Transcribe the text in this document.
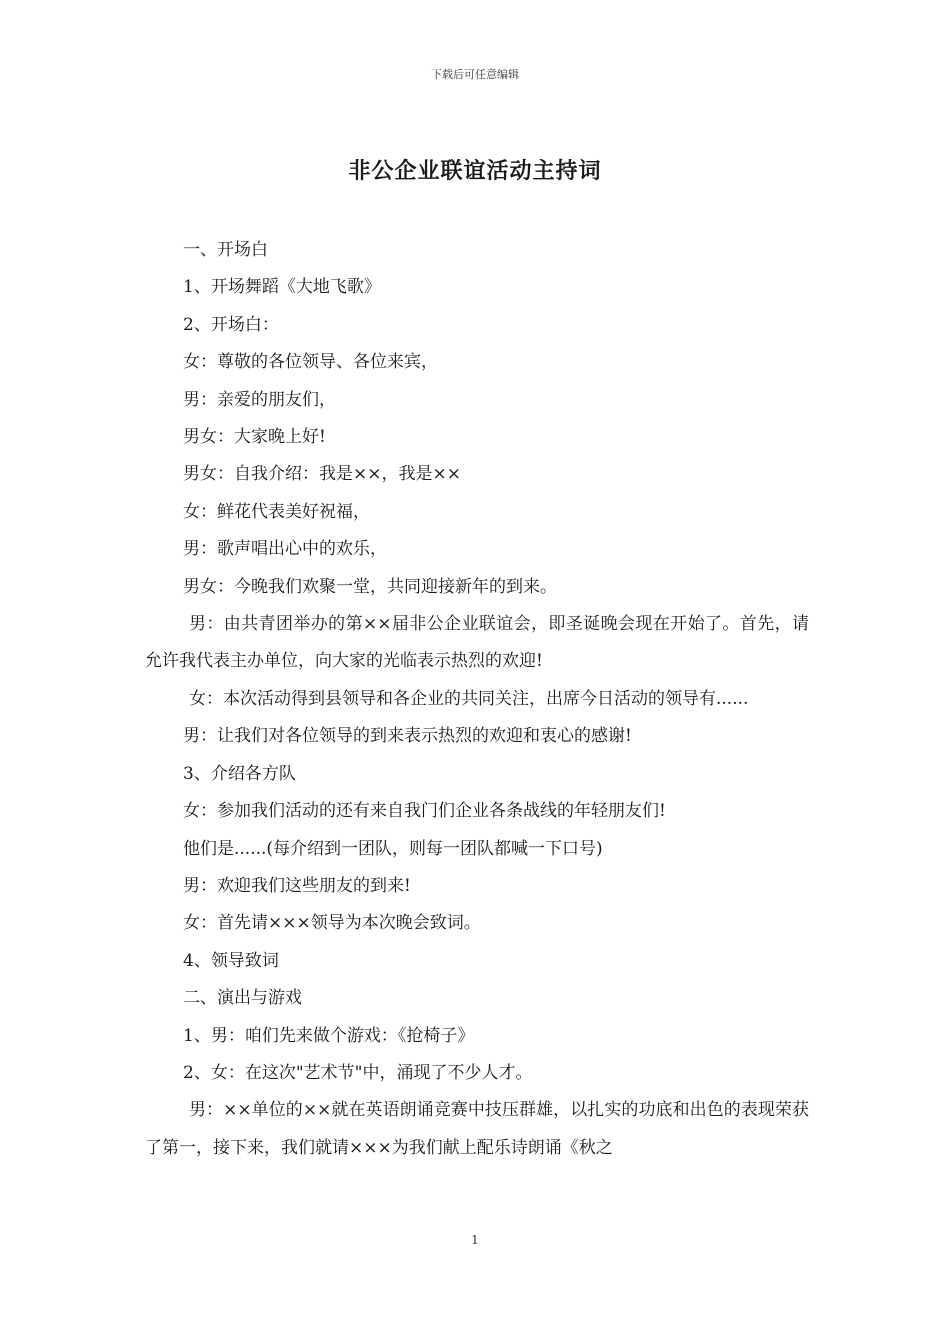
下载后可任意编辑
非公企业联谊活动主持词

一、开场白

1、开场舞蹈《大地飞歌》

2、开场白：

女：尊敬的各位领导、各位来宾，

男：亲爱的朋友们，

男女：大家晚上好!

男女：自我介绍：我是××，我是××

女：鲜花代表美好祝福，

男：歌声唱出心中的欢乐，

男女：今晚我们欢聚一堂，共同迎接新年的到来。

男：由共青团举办的第××届非公企业联谊会，即圣诞晚会现在开始了。首先，请允许我代表主办单位，向大家的光临表示热烈的欢迎!

女：本次活动得到县领导和各企业的共同关注，出席今日活动的领导有......

男：让我们对各位领导的到来表示热烈的欢迎和衷心的感谢!

3、介绍各方队

女：参加我们活动的还有来自我门们企业各条战线的年轻朋友们!

他们是......(每介绍到一团队，则每一团队都喊一下口号)

男：欢迎我们这些朋友的到来!

女：首先请×××领导为本次晚会致词。

4、领导致词

二、演出与游戏

1、男：咱们先来做个游戏：《抢椅子》

2、女：在这次"艺术节"中，涌现了不少人才。

男：××单位的××就在英语朗诵竞赛中技压群雄，以扎实的功底和出色的表现荣获了第一，接下来，我们就请×××为我们献上配乐诗朗诵《秋之

1
